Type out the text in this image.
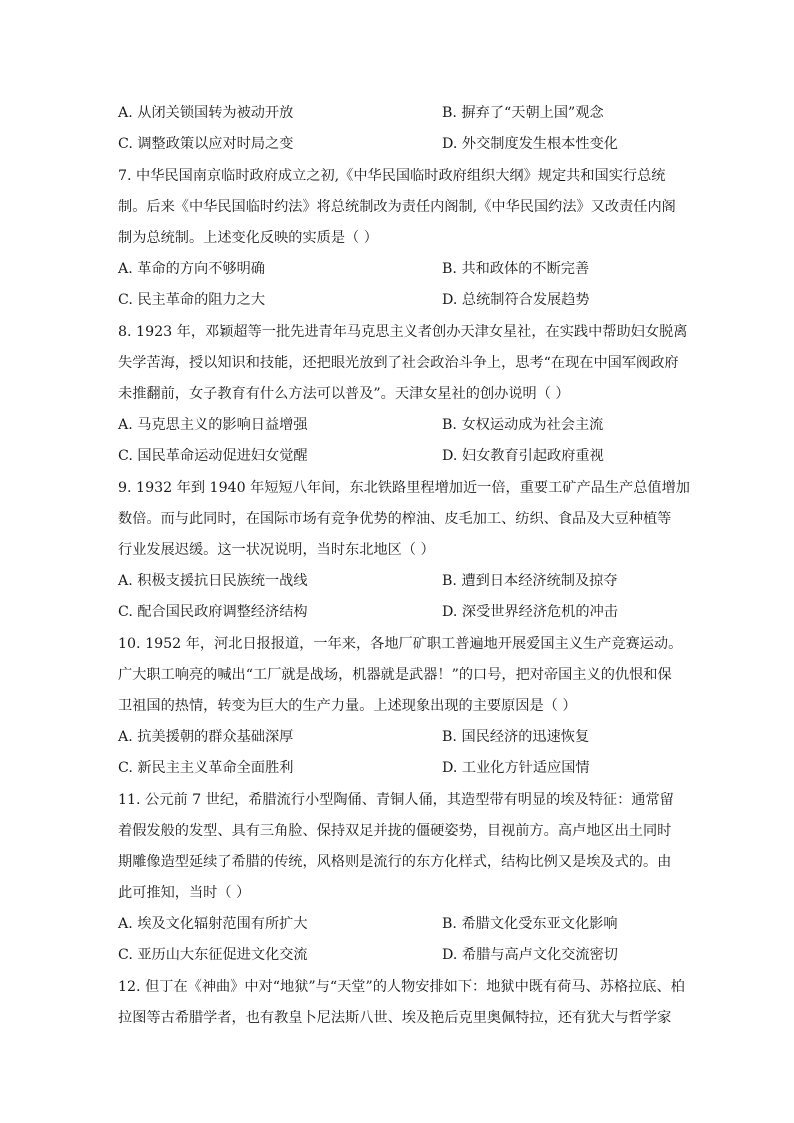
A. 从闭关锁国转为被动开放	B. 摒弃了“天朝上国”观念
C. 调整政策以应对时局之变	D. 外交制度发生根本性变化
7. 中华民国南京临时政府成立之初,《中华民国临时政府组织大纲》规定共和国实行总统
制。后来《中华民国临时约法》将总统制改为责任内阁制,《中华民国约法》又改责任内阁
制为总统制。上述变化反映的实质是（ ）
A. 革命的方向不够明确	B. 共和政体的不断完善
C. 民主革命的阻力之大	D. 总统制符合发展趋势
8. 1923 年，邓颖超等一批先进青年马克思主义者创办天津女星社，在实践中帮助妇女脱离
失学苦海，授以知识和技能，还把眼光放到了社会政治斗争上，思考“在现在中国军阀政府
未推翻前，女子教育有什么方法可以普及”。天津女星社的创办说明（ ）
A. 马克思主义的影响日益增强	B. 女权运动成为社会主流
C. 国民革命运动促进妇女觉醒	D. 妇女教育引起政府重视
9. 1932 年到 1940 年短短八年间，东北铁路里程增加近一倍，重要工矿产品生产总值增加
数倍。而与此同时，在国际市场有竞争优势的榨油、皮毛加工、纺织、食品及大豆种植等
行业发展迟缓。这一状况说明，当时东北地区（ ）
A. 积极支援抗日民族统一战线	B. 遭到日本经济统制及掠夺
C. 配合国民政府调整经济结构	D. 深受世界经济危机的冲击
10. 1952 年，河北日报报道，一年来，各地厂矿职工普遍地开展爱国主义生产竞赛运动。
广大职工响亮的喊出“工厂就是战场，机器就是武器！”的口号，把对帝国主义的仇恨和保
卫祖国的热情，转变为巨大的生产力量。上述现象出现的主要原因是（ ）
A. 抗美援朝的群众基础深厚	B. 国民经济的迅速恢复
C. 新民主主义革命全面胜利	D. 工业化方针适应国情
11. 公元前 7 世纪，希腊流行小型陶俑、青铜人俑，其造型带有明显的埃及特征：通常留
着假发般的发型、具有三角脸、保持双足并拢的僵硬姿势，目视前方。高卢地区出土同时
期雕像造型延续了希腊的传统，风格则是流行的东方化样式，结构比例又是埃及式的。由
此可推知，当时（ ）
A. 埃及文化辐射范围有所扩大	B. 希腊文化受东亚文化影响
C. 亚历山大东征促进文化交流	D. 希腊与高卢文化交流密切
12. 但丁在《神曲》中对“地狱”与“天堂”的人物安排如下：地狱中既有荷马、苏格拉底、柏
拉图等古希腊学者，也有教皇卜尼法斯八世、埃及艳后克里奥佩特拉，还有犹大与哲学家
